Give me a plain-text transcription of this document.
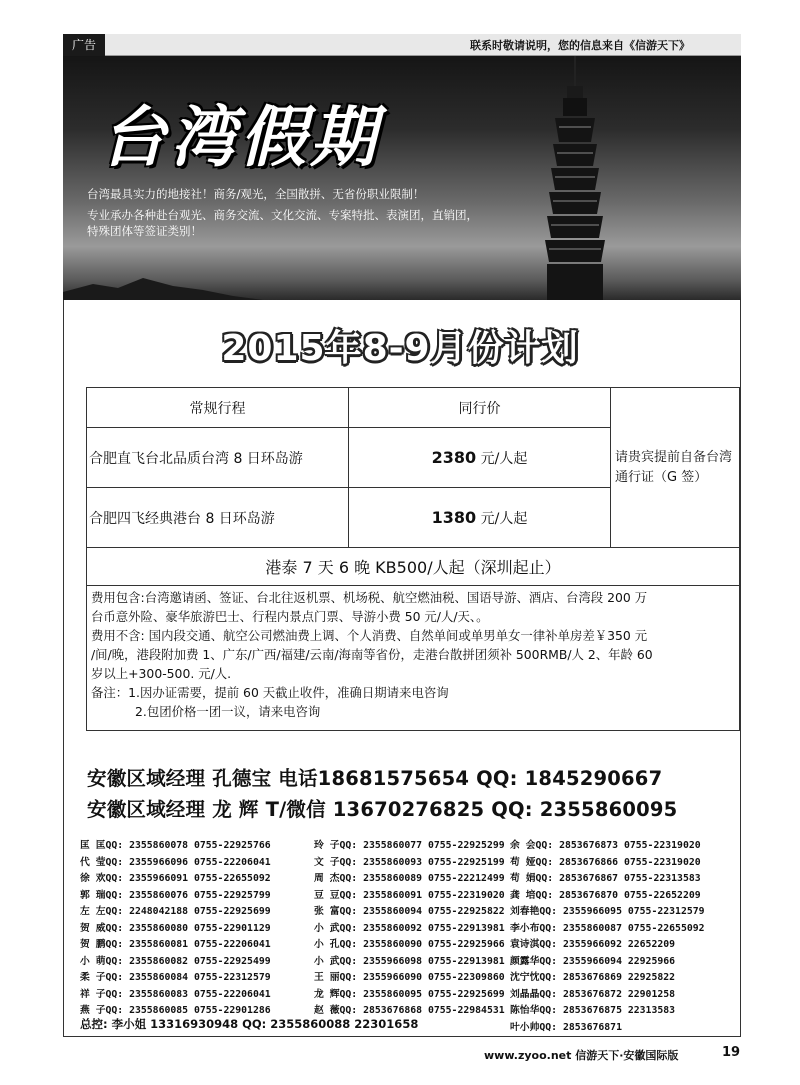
广告	联系时敬请说明，您的信息来自《信游天下》
台湾假期
台湾最具实力的地接社！商务/观光，全国散拼、无省份职业限制！
专业承办各种赴台观光、商务交流、文化交流、专案特批、表演团，直销团，
特殊团体等签证类别！
2015年8-9月份计划
常规行程	同行价	请贵宾提前自备台湾通行证（G 签）
合肥直飞台北品质台湾 8 日环岛游	2380 元/人起	
合肥四飞经典港台 8 日环岛游	1380 元/人起	
港泰 7 天 6 晚 KB500/人起（深圳起止）		

费用包含:台湾邀请函、签证、台北往返机票、机场税、航空燃油税、国语导游、酒店、台湾段 200 万

台币意外险、豪华旅游巴士、行程内景点门票、导游小费 50 元/人/天、。

费用不含: 国内段交通、航空公司燃油费上调、个人消费、自然单间或单男单女一律补单房差￥350 元

/间/晚，港段附加费 1、广东/广西/福建/云南/海南等省份，走港台散拼团须补 500RMB/人 2、年龄 60

岁以上+300-500. 元/人.

备注：1.因办证需要，提前 60 天截止收件，准确日期请来电咨询

2.包团价格一团一议，请来电咨询

安徽区域经理 孔德宝 电话18681575654 QQ: 1845290667
安徽区域经理 龙 辉 T/微信 13670276825 QQ: 2355860095
匡 匡QQ: 2355860078 0755-22925766
代 莹QQ: 2355966096 0755-22206041
徐 欢QQ: 2355966091 0755-22655092
郭 瑞QQ: 2355860076 0755-22925799
左 左QQ: 2248042188 0755-22925699
贺 威QQ: 2355860080 0755-22901129
贺 鹏QQ: 2355860081 0755-22206041
小 萌QQ: 2355860082 0755-22925499
柔 子QQ: 2355860084 0755-22312579
祥 子QQ: 2355860083 0755-22206041
燕 子QQ: 2355860085 0755-22901286
玲 子QQ: 2355860077 0755-22925299
文 子QQ: 2355860093 0755-22925199
周 杰QQ: 2355860089 0755-22212499
豆 豆QQ: 2355860091 0755-22319020
张 富QQ: 2355860094 0755-22925822
小 武QQ: 2355860092 0755-22913981
小 孔QQ: 2355860090 0755-22925966
小 武QQ: 2355966098 0755-22913981
王 丽QQ: 2355966090 0755-22309860
龙 辉QQ: 2355860095 0755-22925699
赵 薇QQ: 2853676868 0755-22984531
余 会QQ: 2853676873 0755-22319020
苟 娅QQ: 2853676866 0755-22319020
苟 娟QQ: 2853676867 0755-22313583
龚 培QQ: 2853676870 0755-22652209
刘春艳QQ: 2355966095 0755-22312579
李小布QQ: 2355860087 0755-22655092
袁诗淇QQ: 2355966092 22652209
颜露华QQ: 2355966094 22925966
沈宁忱QQ: 2853676869 22925822
刘晶晶QQ: 2853676872 22901258
陈怡华QQ: 2853676875 22313583
叶小帅QQ: 2853676871
总控: 李小姐 13316930948 QQ: 2355860088 22301658
www.zyoo.net 信游天下·安徽国际版	19
